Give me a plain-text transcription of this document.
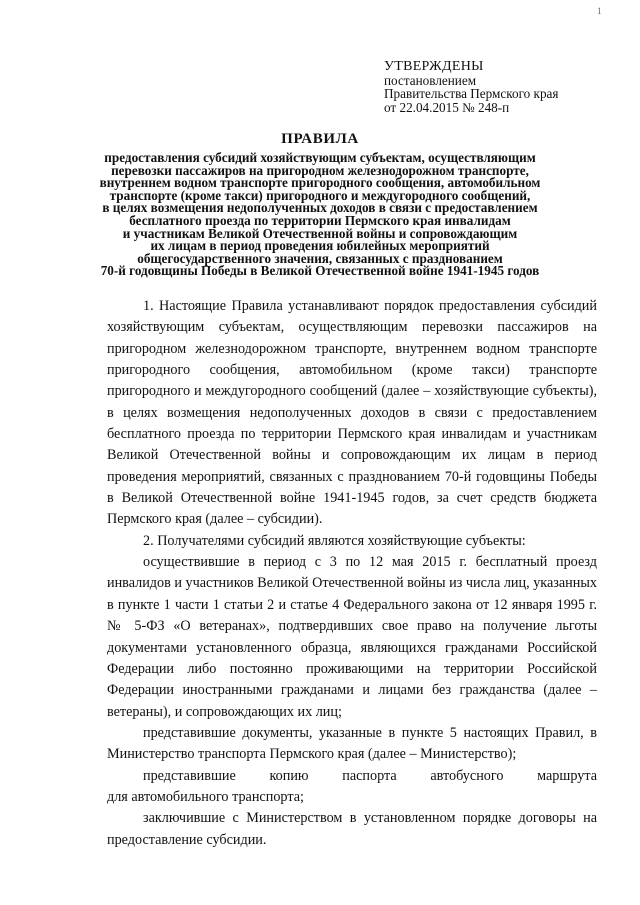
1
УТВЕРЖДЕНЫ
постановлением
Правительства Пермского края
от 22.04.2015 № 248-п
ПРАВИЛА
предоставления субсидий хозяйствующим субъектам, осуществляющим
перевозки пассажиров на пригородном железнодорожном транспорте,
внутреннем водном транспорте пригородного сообщения, автомобильном
транспорте (кроме такси) пригородного и междугородного сообщений,
в целях возмещения недополученных доходов в связи с предоставлением
бесплатного проезда по территории Пермского края инвалидам
и участникам Великой Отечественной войны и сопровождающим
их лицам в период проведения юбилейных мероприятий
общегосударственного значения, связанных с празднованием
70-й годовщины Победы в Великой Отечественной войне 1941-1945 годов

1. Настоящие Правила устанавливают порядок предоставления субсидий хозяйствующим субъектам, осуществляющим перевозки пассажиров на пригородном железнодорожном транспорте, внутреннем водном транспорте пригородного сообщения, автомобильном (кроме такси) транспорте пригородного и междугородного сообщений (далее – хозяйствующие субъекты), в целях возмещения недополученных доходов в связи с предоставлением бесплатного проезда по территории Пермского края инвалидам и участникам Великой Отечественной войны и сопровождающим их лицам в период проведения мероприятий, связанных с празднованием 70-й годовщины Победы в Великой Отечественной войне 1941-1945 годов, за счет средств бюджета Пермского края (далее – субсидии).

2. Получателями субсидий являются хозяйствующие субъекты:

осуществившие в период с 3 по 12 мая 2015 г. бесплатный проезд инвалидов и участников Великой Отечественной войны из числа лиц, указанных в пункте 1 части 1 статьи 2 и статье 4 Федерального закона от 12 января 1995 г. № 5-ФЗ «О ветеранах», подтвердивших свое право на получение льготы документами установленного образца, являющихся гражданами Российской Федерации либо постоянно проживающими на территории Российской Федерации иностранными гражданами и лицами без гражданства (далее – ветераны), и сопровождающих их лиц;

представившие документы, указанные в пункте 5 настоящих Правил, в Министерство транспорта Пермского края (далее – Министерство);

представившие копию паспорта автобусного маршрута

для автомобильного транспорта;

заключившие с Министерством в установленном порядке договоры на предоставление субсидии.
